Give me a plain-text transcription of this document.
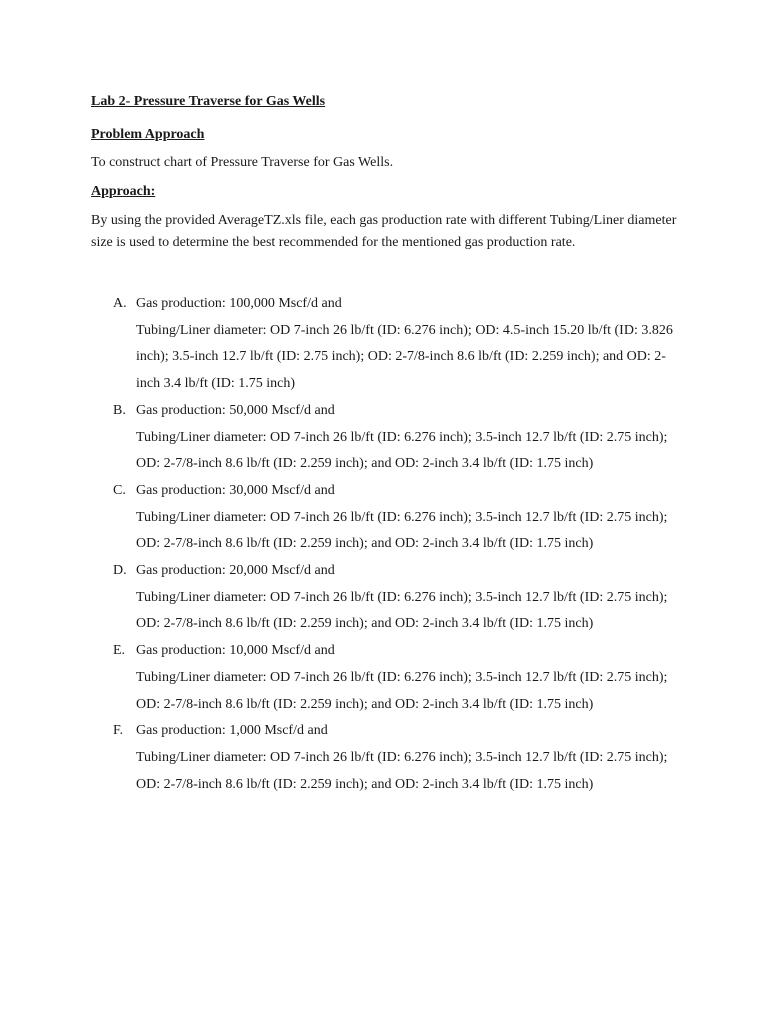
Lab 2- Pressure Traverse for Gas Wells
Problem Approach
To construct chart of Pressure Traverse for Gas Wells.
Approach:
By using the provided AverageTZ.xls file, each gas production rate with different Tubing/Liner diameter size is used to determine the best recommended for the mentioned gas production rate.
A. Gas production: 100,000 Mscf/d and
Tubing/Liner diameter: OD 7-inch 26 lb/ft (ID: 6.276 inch); OD: 4.5-inch 15.20 lb/ft (ID: 3.826 inch); 3.5-inch 12.7 lb/ft (ID: 2.75 inch); OD: 2-7/8-inch 8.6 lb/ft (ID: 2.259 inch); and OD: 2-inch 3.4 lb/ft (ID: 1.75 inch)
B. Gas production: 50,000 Mscf/d and
Tubing/Liner diameter: OD 7-inch 26 lb/ft (ID: 6.276 inch); 3.5-inch 12.7 lb/ft (ID: 2.75 inch); OD: 2-7/8-inch 8.6 lb/ft (ID: 2.259 inch); and OD: 2-inch 3.4 lb/ft (ID: 1.75 inch)
C. Gas production: 30,000 Mscf/d and
Tubing/Liner diameter: OD 7-inch 26 lb/ft (ID: 6.276 inch); 3.5-inch 12.7 lb/ft (ID: 2.75 inch); OD: 2-7/8-inch 8.6 lb/ft (ID: 2.259 inch); and OD: 2-inch 3.4 lb/ft (ID: 1.75 inch)
D. Gas production: 20,000 Mscf/d and
Tubing/Liner diameter: OD 7-inch 26 lb/ft (ID: 6.276 inch); 3.5-inch 12.7 lb/ft (ID: 2.75 inch); OD: 2-7/8-inch 8.6 lb/ft (ID: 2.259 inch); and OD: 2-inch 3.4 lb/ft (ID: 1.75 inch)
E. Gas production: 10,000 Mscf/d and
Tubing/Liner diameter: OD 7-inch 26 lb/ft (ID: 6.276 inch); 3.5-inch 12.7 lb/ft (ID: 2.75 inch); OD: 2-7/8-inch 8.6 lb/ft (ID: 2.259 inch); and OD: 2-inch 3.4 lb/ft (ID: 1.75 inch)
F. Gas production: 1,000 Mscf/d and
Tubing/Liner diameter: OD 7-inch 26 lb/ft (ID: 6.276 inch); 3.5-inch 12.7 lb/ft (ID: 2.75 inch); OD: 2-7/8-inch 8.6 lb/ft (ID: 2.259 inch); and OD: 2-inch 3.4 lb/ft (ID: 1.75 inch)
